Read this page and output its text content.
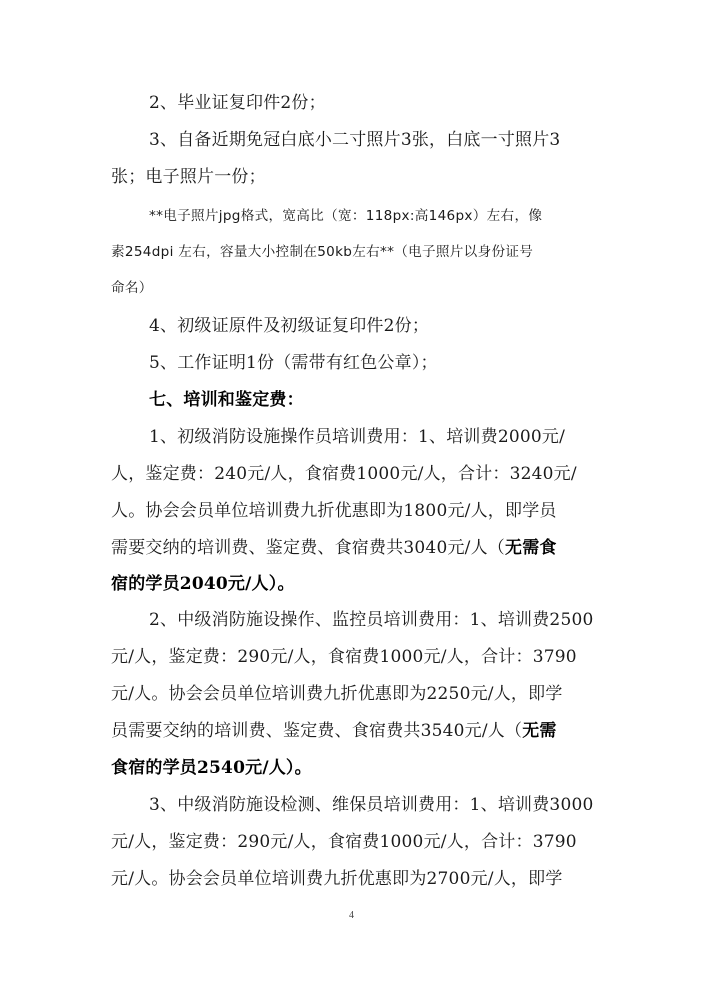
2、毕业证复印件2份；
3、自备近期免冠白底小二寸照片3张，白底一寸照片3
张；电子照片一份；
**电子照片jpg格式，宽高比（宽：118px:高146px）左右，像
素254dpi 左右，容量大小控制在50kb左右**（电子照片以身份证号
命名）
4、初级证原件及初级证复印件2份；
5、工作证明1份（需带有红色公章）；
七、培训和鉴定费：
1、初级消防设施操作员培训费用：1、培训费2000元/
人，鉴定费：240元/人，食宿费1000元/人，合计：3240元/
人。协会会员单位培训费九折优惠即为1800元/人，即学员
需要交纳的培训费、鉴定费、食宿费共3040元/人（无需食
宿的学员2040元/人）。
2、中级消防施设操作、监控员培训费用：1、培训费2500
元/人，鉴定费：290元/人，食宿费1000元/人，合计：3790
元/人。协会会员单位培训费九折优惠即为2250元/人，即学
员需要交纳的培训费、鉴定费、食宿费共3540元/人（无需
食宿的学员2540元/人）。
3、中级消防施设检测、维保员培训费用：1、培训费3000
元/人，鉴定费：290元/人，食宿费1000元/人，合计：3790
元/人。协会会员单位培训费九折优惠即为2700元/人，即学
4
